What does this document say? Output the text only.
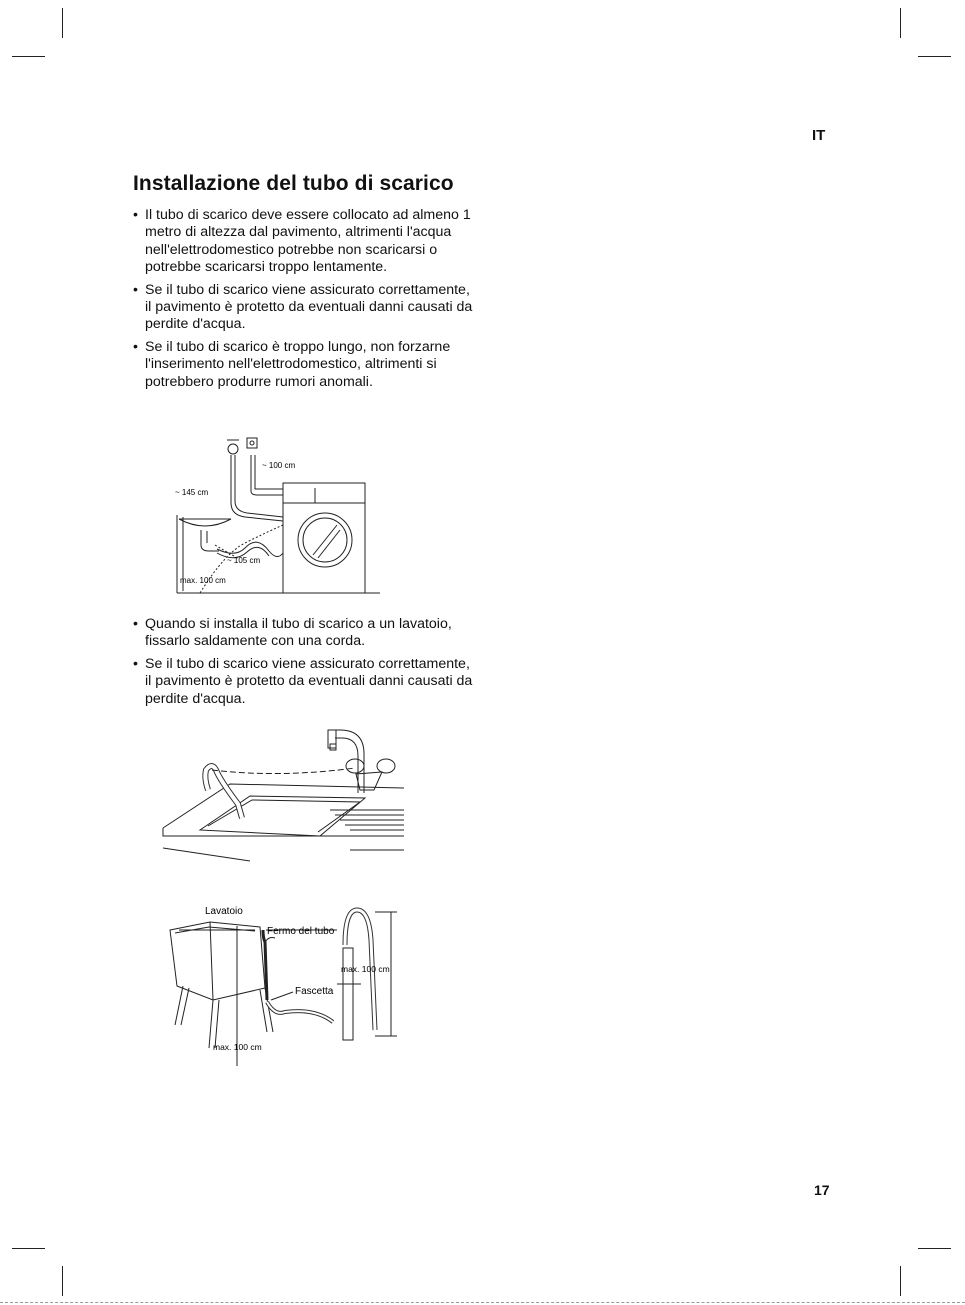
IT
Installazione del tubo di scarico
• Il tubo di scarico deve essere collocato ad almeno 1 metro di altezza dal pavimento, altrimenti l'acqua nell'elettrodomestico potrebbe non scaricarsi o potrebbe scaricarsi troppo lentamente.
• Se il tubo di scarico viene assicurato correttamente, il pavimento è protetto da eventuali danni causati da perdite d'acqua.
• Se il tubo di scarico è troppo lungo, non forzarne l'inserimento nell'elettrodomestico, altrimenti si potrebbero produrre rumori anomali.
~ 100 cm
~ 145 cm
~ 105 cm
max. 100 cm
• Quando si installa il tubo di scarico a un lavatoio, fissarlo saldamente con una corda.
• Se il tubo di scarico viene assicurato correttamente, il pavimento è protetto da eventuali danni causati da perdite d'acqua.
Lavatoio
Fermo del tubo
Fascetta
max. 100 cm
max. 100 cm
17
